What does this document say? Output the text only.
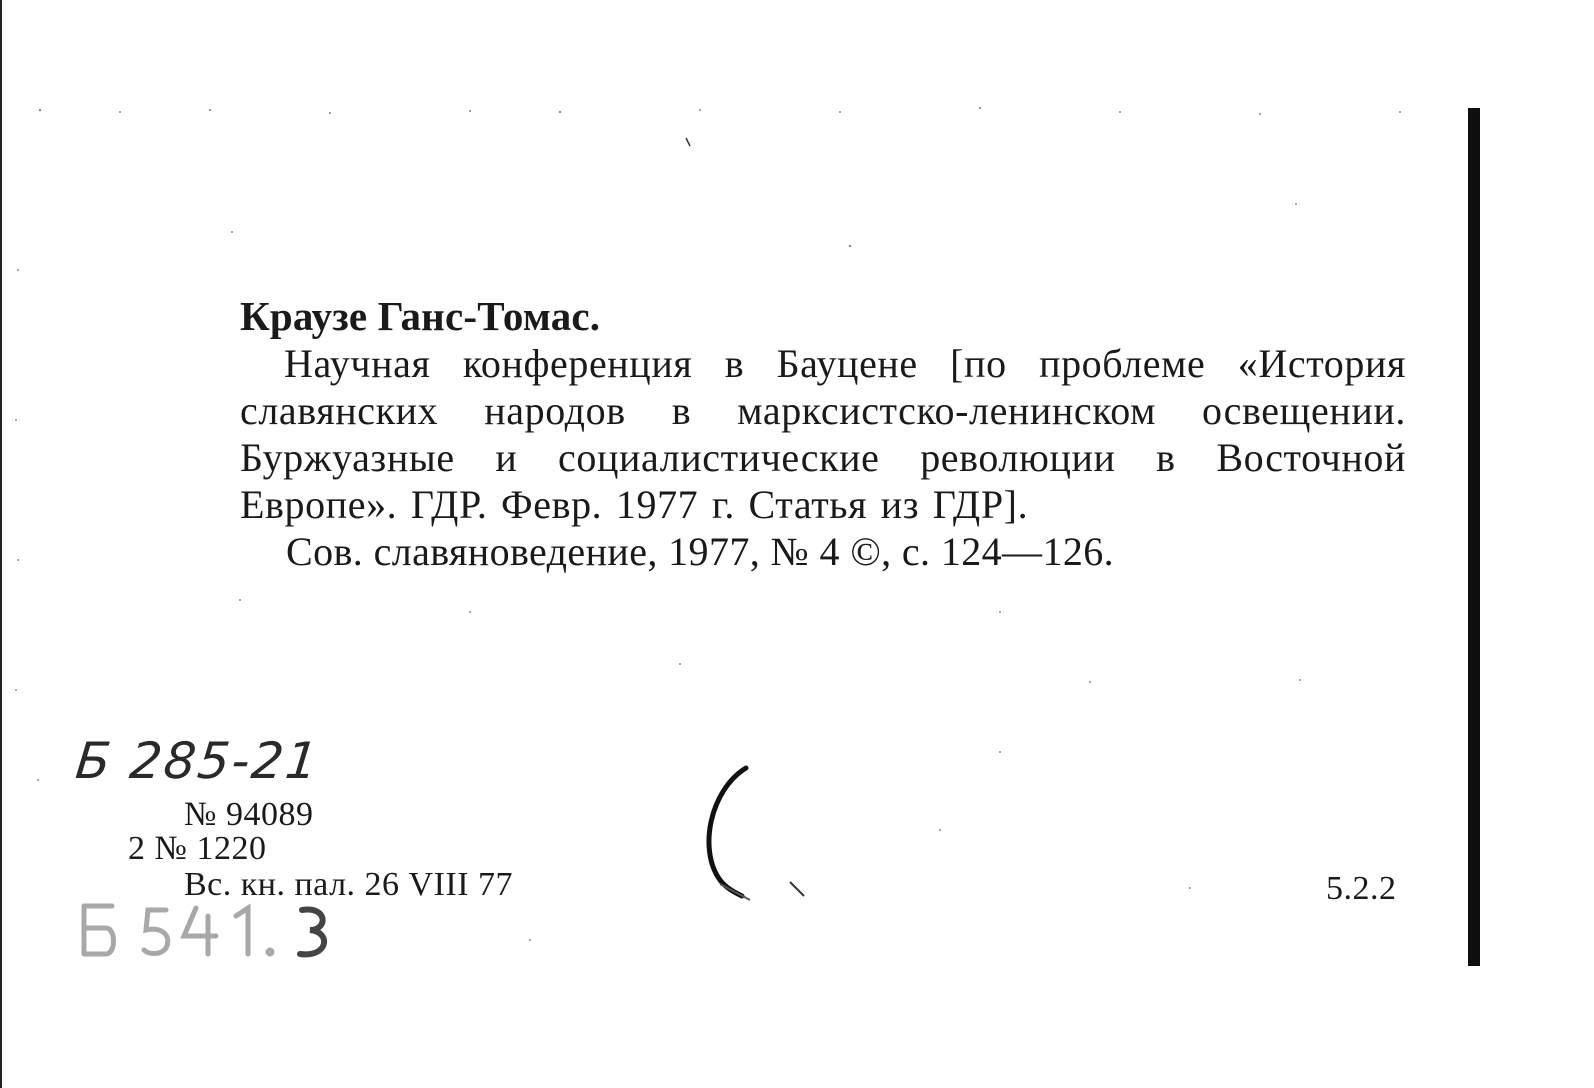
Краузе Ганс-Томас.

Научная конференция в Бауцене [по проблеме «История славянских народов в марксистско-ленинском освещении. Буржуазные и социалистические революции в Восточной Европе». ГДР. Февр. 1977 г. Статья из ГДР].

Сов. славяноведение, 1977, № 4 ©, с. 124—126.

Б 285-21
№ 94089
2 № 1220
Вс. кн. пал. 26 VIII 77	5.2.2
